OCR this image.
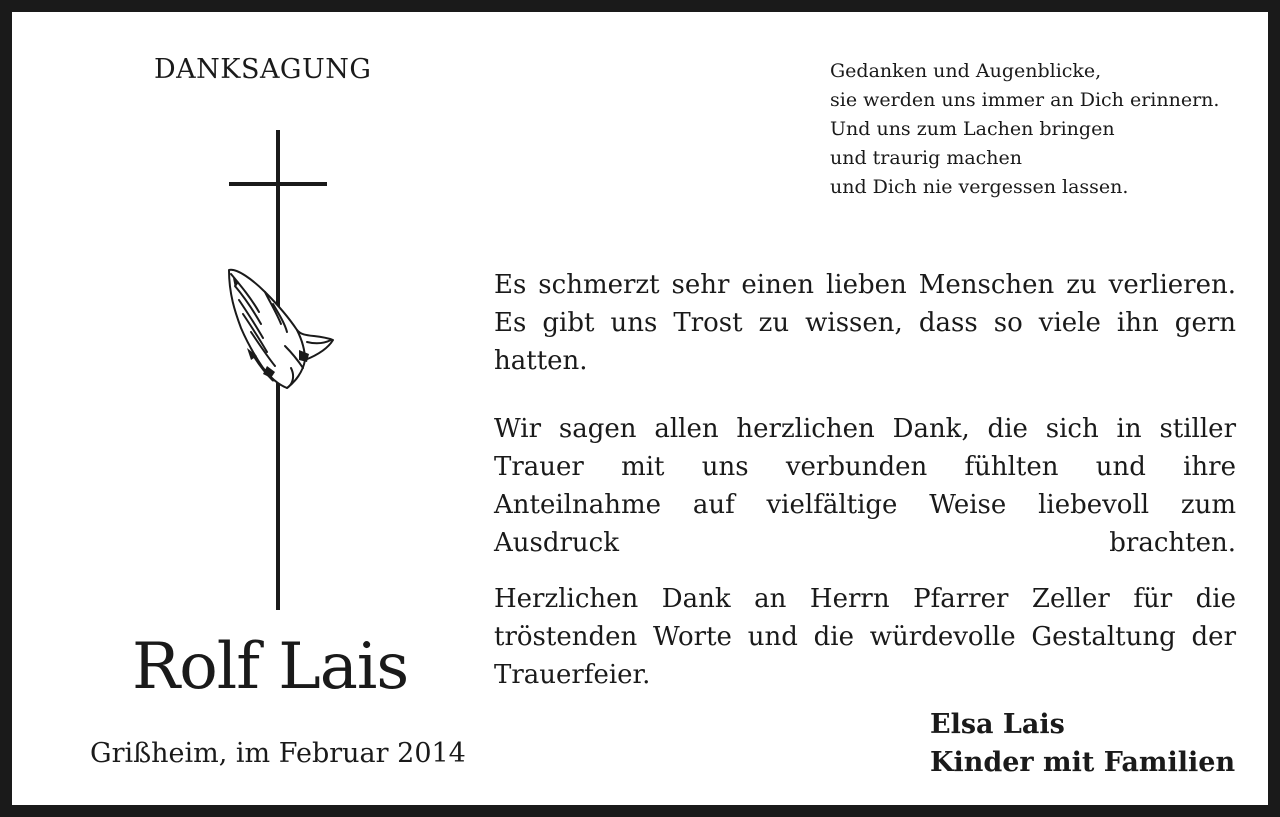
DANKSAGUNG
Rolf Lais

Grißheim, im Februar 2014

Gedanken und Augenblicke,
sie werden uns immer an Dich erinnern.
Und uns zum Lachen bringen
und traurig machen
und Dich nie vergessen lassen.

Es schmerzt sehr einen lieben Menschen zu verlieren. Es gibt uns Trost zu wissen, dass so viele ihn gern hatten.

Wir sagen allen herzlichen Dank, die sich in stiller Trauer mit uns verbunden fühlten und ihre Anteilnahme auf vielfältige Weise liebevoll zum Ausdruck brachten.

Herzlichen Dank an Herrn Pfarrer Zeller für die tröstenden Worte und die würdevolle Gestaltung der Trauerfeier.

Elsa Lais
Kinder mit Familien
